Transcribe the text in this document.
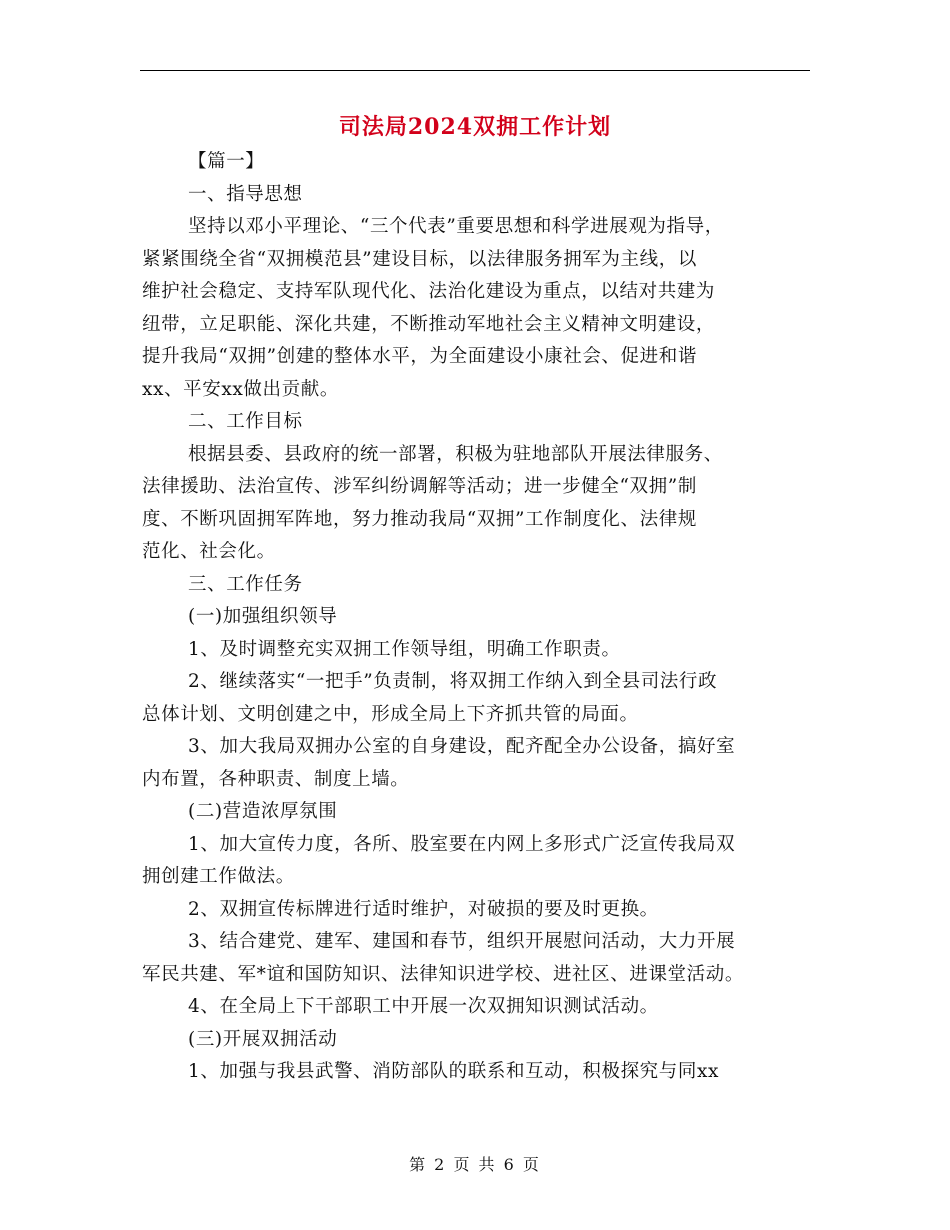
司法局2024双拥工作计划

【篇一】

一、指导思想

坚持以邓小平理论、“三个代表”重要思想和科学进展观为指导，

紧紧围绕全省“双拥模范县”建设目标，以法律服务拥军为主线，以

维护社会稳定、支持军队现代化、法治化建设为重点，以结对共建为

纽带，立足职能、深化共建，不断推动军地社会主义精神文明建设，

提升我局“双拥”创建的整体水平，为全面建设小康社会、促进和谐

xx、平安xx做出贡献。

二、工作目标

根据县委、县政府的统一部署，积极为驻地部队开展法律服务、

法律援助、法治宣传、涉军纠纷调解等活动；进一步健全“双拥”制

度、不断巩固拥军阵地，努力推动我局“双拥”工作制度化、法律规

范化、社会化。

三、工作任务

(一)加强组织领导

1、及时调整充实双拥工作领导组，明确工作职责。

2、继续落实“一把手”负责制，将双拥工作纳入到全县司法行政

总体计划、文明创建之中，形成全局上下齐抓共管的局面。

3、加大我局双拥办公室的自身建设，配齐配全办公设备，搞好室

内布置，各种职责、制度上墙。

(二)营造浓厚氛围

1、加大宣传力度，各所、股室要在内网上多形式广泛宣传我局双

拥创建工作做法。

2、双拥宣传标牌进行适时维护，对破损的要及时更换。

3、结合建党、建军、建国和春节，组织开展慰问活动，大力开展

军民共建、军*谊和国防知识、法律知识进学校、进社区、进课堂活动。

4、在全局上下干部职工中开展一次双拥知识测试活动。

(三)开展双拥活动

1、加强与我县武警、消防部队的联系和互动，积极探究与同xx

第 2 页 共 6 页
